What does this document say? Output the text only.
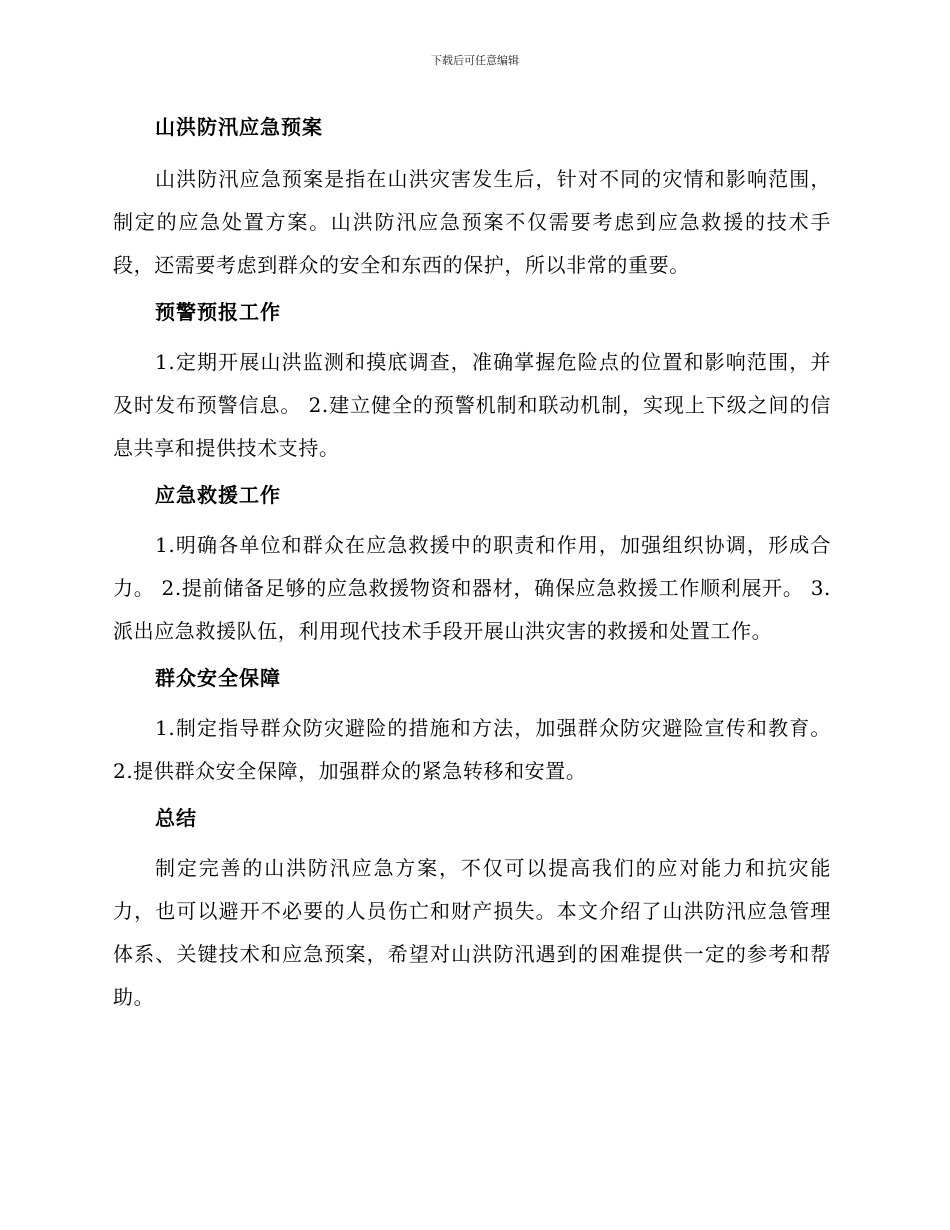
下载后可任意编辑
山洪防汛应急预案

山洪防汛应急预案是指在山洪灾害发生后，针对不同的灾情和影响范围，制定的应急处置方案。山洪防汛应急预案不仅需要考虑到应急救援的技术手段，还需要考虑到群众的安全和东西的保护，所以非常的重要。

预警预报工作

1.定期开展山洪监测和摸底调查，准确掌握危险点的位置和影响范围，并及时发布预警信息。 2.建立健全的预警机制和联动机制，实现上下级之间的信息共享和提供技术支持。

应急救援工作

1.明确各单位和群众在应急救援中的职责和作用，加强组织协调，形成合力。 2.提前储备足够的应急救援物资和器材，确保应急救援工作顺利展开。 3.派出应急救援队伍，利用现代技术手段开展山洪灾害的救援和处置工作。

群众安全保障

1.制定指导群众防灾避险的措施和方法，加强群众防灾避险宣传和教育。 2.提供群众安全保障，加强群众的紧急转移和安置。

总结

制定完善的山洪防汛应急方案，不仅可以提高我们的应对能力和抗灾能力，也可以避开不必要的人员伤亡和财产损失。本文介绍了山洪防汛应急管理体系、关键技术和应急预案，希望对山洪防汛遇到的困难提供一定的参考和帮助。
